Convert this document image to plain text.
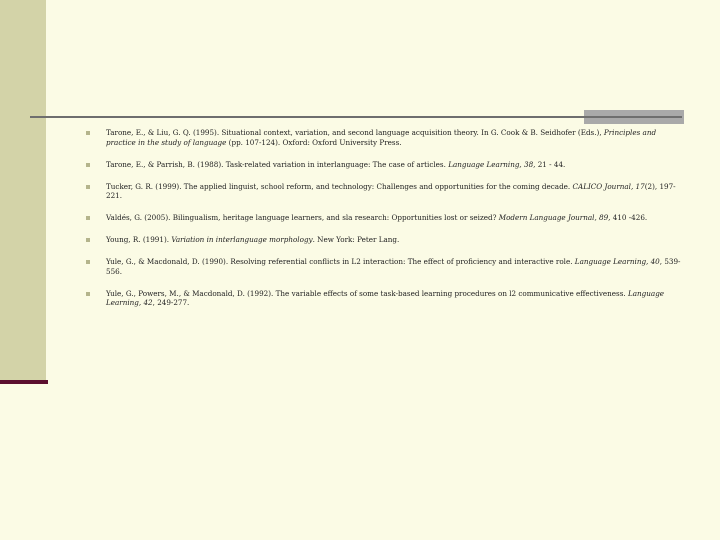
Tarone, E., & Liu, G. Q. (1995). Situational context, variation, and second language acquisition theory. In G. Cook & B. Seidhofer (Eds.), Principles and practice in the study of language (pp. 107-124). Oxford: Oxford University Press.
Tarone, E., & Parrish, B. (1988). Task-related variation in interlanguage: The case of articles. Language Learning, 38, 21 - 44.
Tucker, G. R. (1999). The applied linguist, school reform, and technology: Challenges and opportunities for the coming decade. CALICO Journal, 17(2), 197-221.
Valdés, G. (2005). Bilingualism, heritage language learners, and sla research: Opportunities lost or seized? Modern Language Journal, 89, 410 -426.
Young, R. (1991). Variation in interlanguage morphology. New York: Peter Lang.
Yule, G., & Macdonald, D. (1990). Resolving referential conflicts in L2 interaction: The effect of proficiency and interactive role. Language Learning, 40, 539-556.
Yule, G., Powers, M., & Macdonald, D. (1992). The variable effects of some task-based learning procedures on l2 communicative effectiveness. Language Learning, 42, 249-277.
